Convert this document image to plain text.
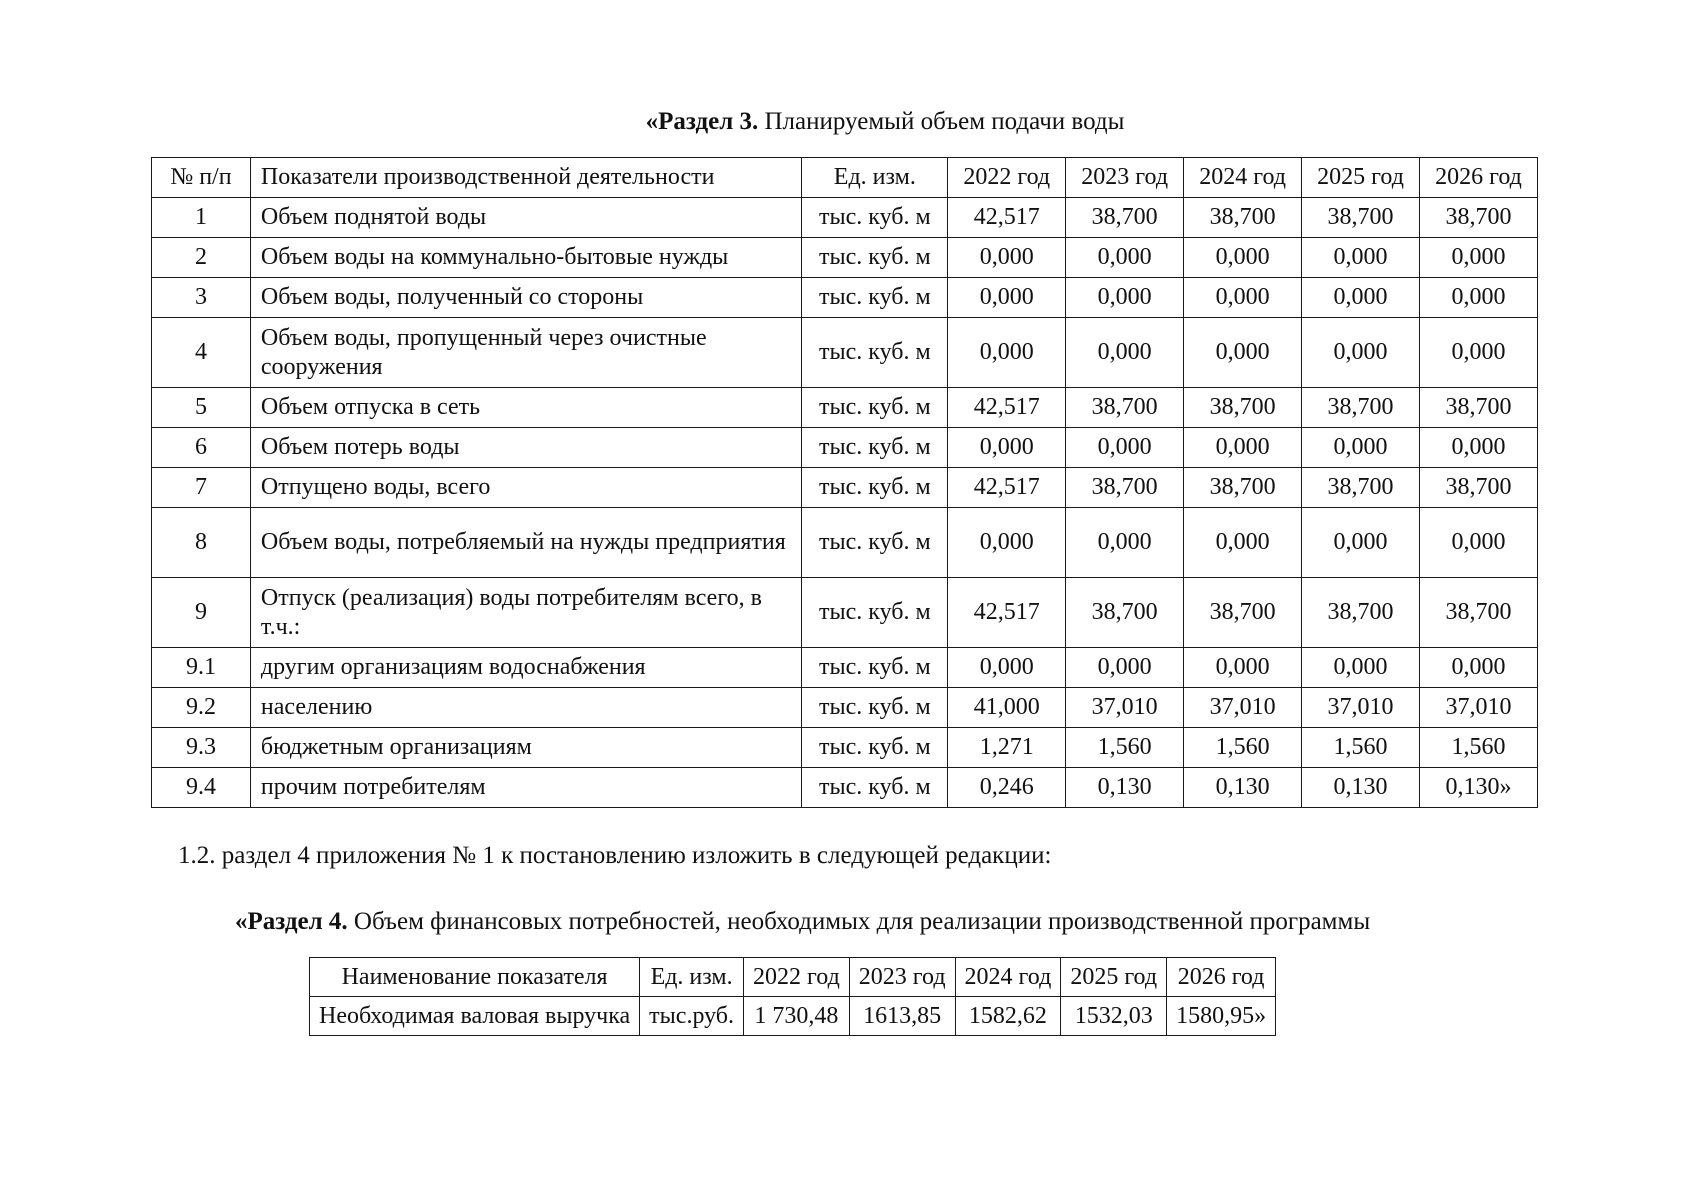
«Раздел 3. Планируемый объем подачи воды
№ п/п	Показатели производственной деятельности	Ед. изм.	2022 год	2023 год	2024 год	2025 год	2026 год
1	Объем поднятой воды	тыс. куб. м	42,517	38,700	38,700	38,700	38,700
2	Объем воды на коммунально-бытовые нужды	тыс. куб. м	0,000	0,000	0,000	0,000	0,000
3	Объем воды, полученный со стороны	тыс. куб. м	0,000	0,000	0,000	0,000	0,000
4	Объем воды, пропущенный через очистные сооружения	тыс. куб. м	0,000	0,000	0,000	0,000	0,000
5	Объем отпуска в сеть	тыс. куб. м	42,517	38,700	38,700	38,700	38,700
6	Объем потерь воды	тыс. куб. м	0,000	0,000	0,000	0,000	0,000
7	Отпущено воды, всего	тыс. куб. м	42,517	38,700	38,700	38,700	38,700
8	Объем воды, потребляемый на нужды предприятия	тыс. куб. м	0,000	0,000	0,000	0,000	0,000
9	Отпуск (реализация) воды потребителям всего, в т.ч.:	тыс. куб. м	42,517	38,700	38,700	38,700	38,700
9.1	другим организациям водоснабжения	тыс. куб. м	0,000	0,000	0,000	0,000	0,000
9.2	населению	тыс. куб. м	41,000	37,010	37,010	37,010	37,010
9.3	бюджетным организациям	тыс. куб. м	1,271	1,560	1,560	1,560	1,560
9.4	прочим потребителям	тыс. куб. м	0,246	0,130	0,130	0,130	0,130»
1.2. раздел 4 приложения № 1 к постановлению изложить в следующей редакции:
«Раздел 4. Объем финансовых потребностей, необходимых для реализации производственной программы
Наименование показателя	Ед. изм.	2022 год	2023 год	2024 год	2025 год	2026 год
Необходимая валовая выручка	тыс.руб.	1 730,48	1613,85	1582,62	1532,03	1580,95»
